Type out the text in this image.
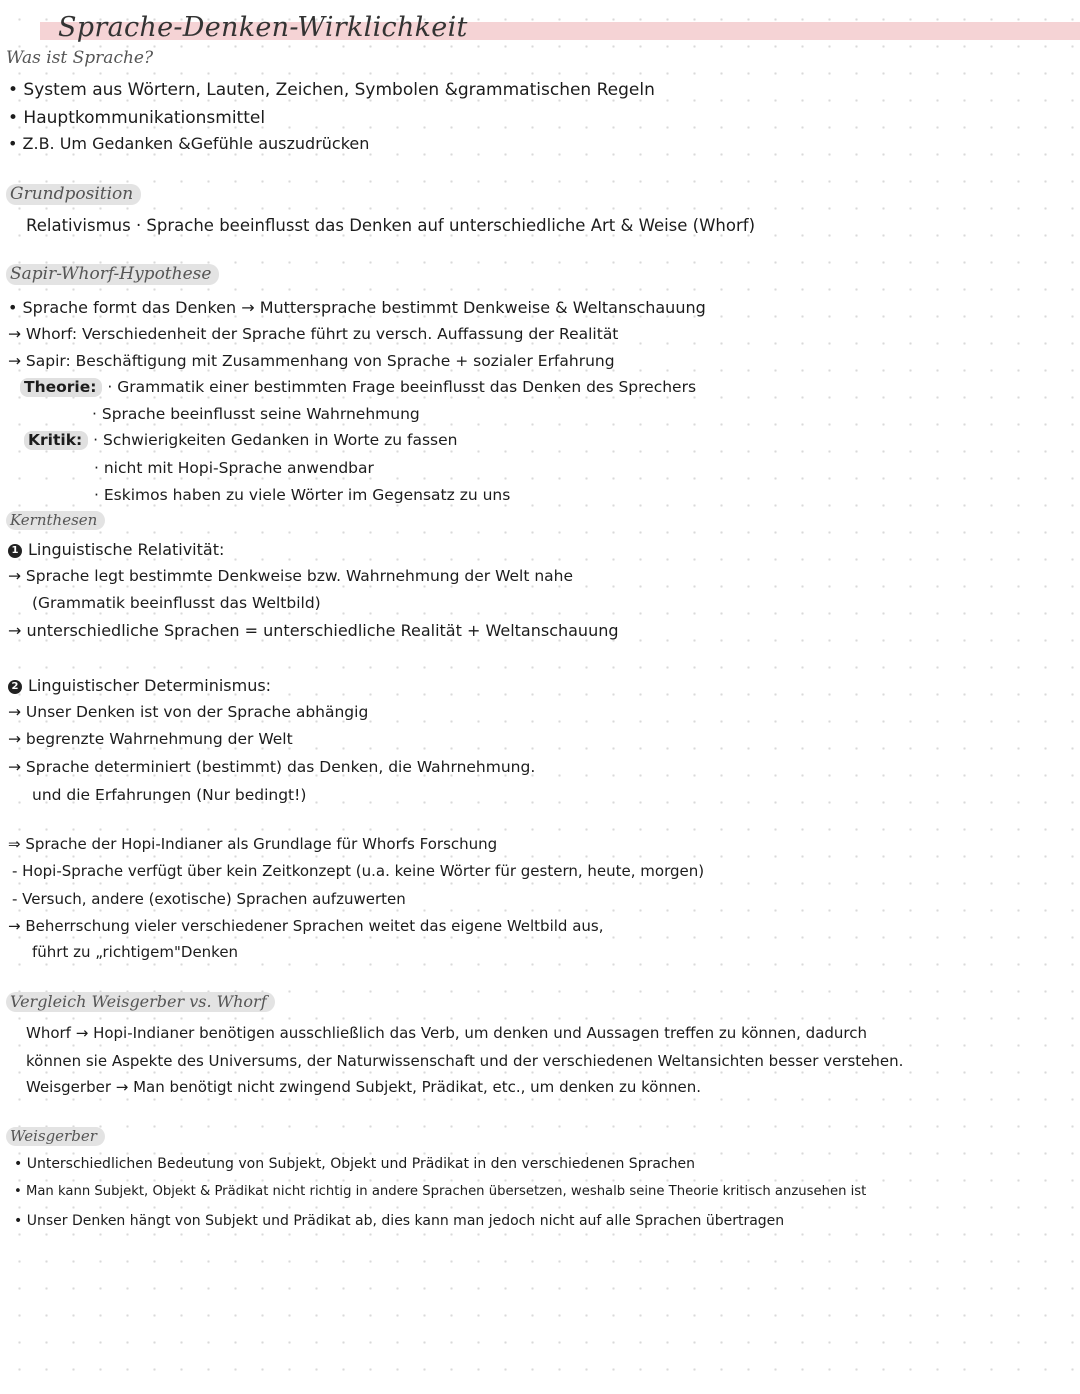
Sprache-Denken-Wirklichkeit
Was ist Sprache?
• System aus Wörtern, Lauten, Zeichen, Symbolen &grammatischen Regeln
• Hauptkommunikationsmittel
• Z.B. Um Gedanken &Gefühle auszudrücken
Grundposition
Relativismus · Sprache beeinflusst das Denken auf unterschiedliche Art & Weise (Whorf)
Sapir-Whorf-Hypothese
• Sprache formt das Denken → Muttersprache bestimmt Denkweise & Weltanschauung
→ Whorf: Verschiedenheit der Sprache führt zu versch. Auffassung der Realität
→ Sapir: Beschäftigung mit Zusammenhang von Sprache + sozialer Erfahrung
Theorie: · Grammatik einer bestimmten Frage beeinflusst das Denken des Sprechers
· Sprache beeinflusst seine Wahrnehmung
Kritik: · Schwierigkeiten Gedanken in Worte zu fassen
· nicht mit Hopi-Sprache anwendbar
· Eskimos haben zu viele Wörter im Gegensatz zu uns
Kernthesen
1 Linguistische Relativität:
→ Sprache legt bestimmte Denkweise bzw. Wahrnehmung der Welt nahe
(Grammatik beeinflusst das Weltbild)
→ unterschiedliche Sprachen = unterschiedliche Realität + Weltanschauung
2 Linguistischer Determinismus:
→ Unser Denken ist von der Sprache abhängig
→ begrenzte Wahrnehmung der Welt
→ Sprache determiniert (bestimmt) das Denken, die Wahrnehmung.
und die Erfahrungen (Nur bedingt!)
⇒ Sprache der Hopi-Indianer als Grundlage für Whorfs Forschung
- Hopi-Sprache verfügt über kein Zeitkonzept (u.a. keine Wörter für gestern, heute, morgen)
- Versuch, andere (exotische) Sprachen aufzuwerten
→ Beherrschung vieler verschiedener Sprachen weitet das eigene Weltbild aus,
führt zu „richtigem"Denken
Vergleich Weisgerber vs. Whorf
Whorf → Hopi-Indianer benötigen ausschließlich das Verb, um denken und Aussagen treffen zu können, dadurch
können sie Aspekte des Universums, der Naturwissenschaft und der verschiedenen Weltansichten besser verstehen.
Weisgerber → Man benötigt nicht zwingend Subjekt, Prädikat, etc., um denken zu können.
Weisgerber
• Unterschiedlichen Bedeutung von Subjekt, Objekt und Prädikat in den verschiedenen Sprachen
• Man kann Subjekt, Objekt & Prädikat nicht richtig in andere Sprachen übersetzen, weshalb seine Theorie kritisch anzusehen ist
• Unser Denken hängt von Subjekt und Prädikat ab, dies kann man jedoch nicht auf alle Sprachen übertragen
